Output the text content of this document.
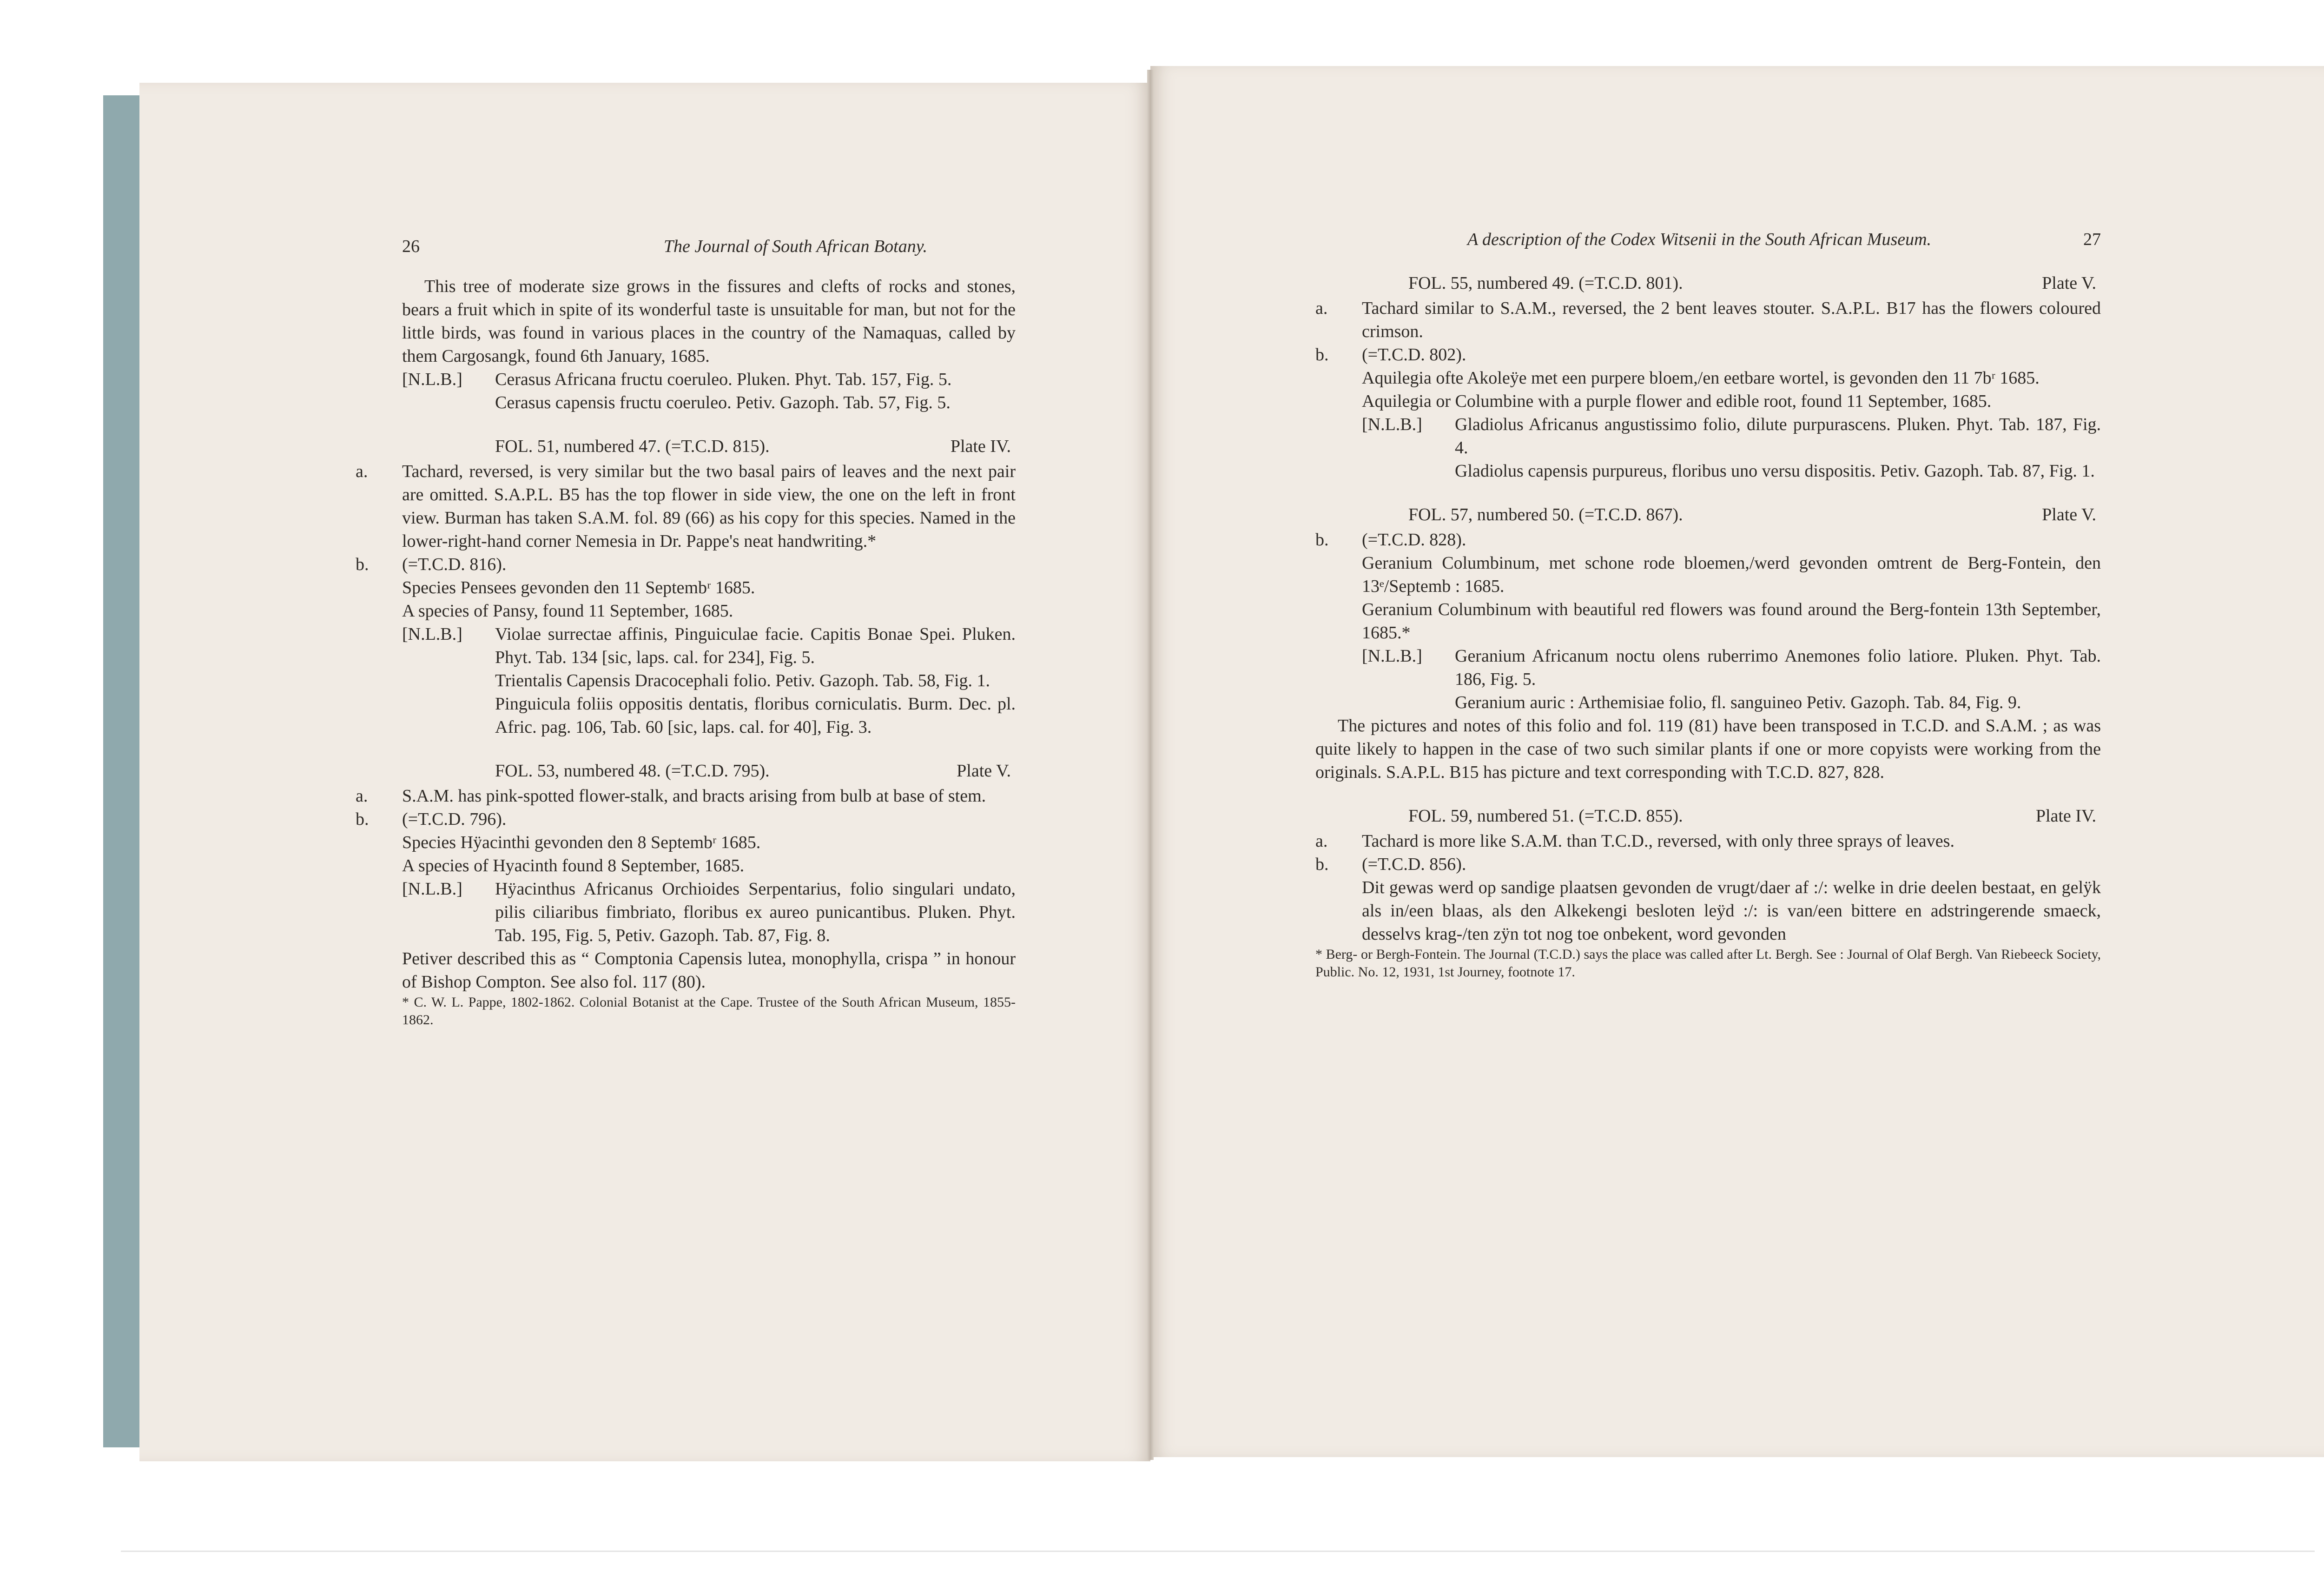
26	The Journal of South African Botany.

This tree of moderate size grows in the fissures and clefts of rocks and stones, bears a fruit which in spite of its wonderful taste is unsuitable for man, but not for the little birds, was found in various places in the country of the Namaquas, called by them Cargosangk, found 6th January, 1685.

[N.L.B.]	Cerasus Africana fructu coeruleo. Pluken. Phyt. Tab. 157, Fig. 5.

Cerasus capensis fructu coeruleo. Petiv. Gazoph. Tab. 57, Fig. 5.

FOL. 51, numbered 47. (=T.C.D. 815).	Plate IV.
a.	Tachard, reversed, is very similar but the two basal pairs of leaves and the next pair are omitted. S.A.P.L. B5 has the top flower in side view, the one on the left in front view. Burman has taken S.A.M. fol. 89 (66) as his copy for this species. Named in the lower-right-hand corner Nemesia in Dr. Pappe's neat handwriting.*

b.	(=T.C.D. 816).

Species Pensees gevonden den 11 Septembʳ 1685.

A species of Pansy, found 11 September, 1685.

[N.L.B.]	Violae surrectae affinis, Pinguiculae facie. Capitis Bonae Spei. Pluken. Phyt. Tab. 134 [sic, laps. cal. for 234], Fig. 5.

Trientalis Capensis Dracocephali folio. Petiv. Gazoph. Tab. 58, Fig. 1.

Pinguicula foliis oppositis dentatis, floribus corniculatis. Burm. Dec. pl. Afric. pag. 106, Tab. 60 [sic, laps. cal. for 40], Fig. 3.

FOL. 53, numbered 48. (=T.C.D. 795).	Plate V.
a.	S.A.M. has pink-spotted flower-stalk, and bracts arising from bulb at base of stem.

b.	(=T.C.D. 796).

Species Hÿacinthi gevonden den 8 Septembʳ 1685.

A species of Hyacinth found 8 September, 1685.

[N.L.B.]	Hÿacinthus Africanus Orchioides Serpentarius, folio singulari undato, pilis ciliaribus fimbriato, floribus ex aureo punicantibus. Pluken. Phyt. Tab. 195, Fig. 5, Petiv. Gazoph. Tab. 87, Fig. 8.

Petiver described this as “ Comptonia Capensis lutea, monophylla, crispa ” in honour of Bishop Compton. See also fol. 117 (80).

* C. W. L. Pappe, 1802-1862. Colonial Botanist at the Cape. Trustee of the South African Museum, 1855-1862.

A description of the Codex Witsenii in the South African Museum.	27
FOL. 55, numbered 49. (=T.C.D. 801).	Plate V.
a.	Tachard similar to S.A.M., reversed, the 2 bent leaves stouter. S.A.P.L. B17 has the flowers coloured crimson.

b.	(=T.C.D. 802).

Aquilegia ofte Akoleÿe met een purpere bloem,/en eetbare wortel, is gevonden den 11 7bʳ 1685.

Aquilegia or Columbine with a purple flower and edible root, found 11 September, 1685.

[N.L.B.]	Gladiolus Africanus angustissimo folio, dilute purpurascens. Pluken. Phyt. Tab. 187, Fig. 4.

Gladiolus capensis purpureus, floribus uno versu dispositis. Petiv. Gazoph. Tab. 87, Fig. 1.

FOL. 57, numbered 50. (=T.C.D. 867).	Plate V.
b.	(=T.C.D. 828).

Geranium Columbinum, met schone rode bloemen,/werd gevonden omtrent de Berg-Fontein, den 13ᵉ/Septemb : 1685.

Geranium Columbinum with beautiful red flowers was found around the Berg-fontein 13th September, 1685.*

[N.L.B.]	Geranium Africanum noctu olens ruberrimo Anemones folio latiore. Pluken. Phyt. Tab. 186, Fig. 5.

Geranium auric : Arthemisiae folio, fl. sanguineo Petiv. Gazoph. Tab. 84, Fig. 9.

The pictures and notes of this folio and fol. 119 (81) have been transposed in T.C.D. and S.A.M. ; as was quite likely to happen in the case of two such similar plants if one or more copyists were working from the originals. S.A.P.L. B15 has picture and text corresponding with T.C.D. 827, 828.

FOL. 59, numbered 51. (=T.C.D. 855).	Plate IV.
a.	Tachard is more like S.A.M. than T.C.D., reversed, with only three sprays of leaves.

b.	(=T.C.D. 856).

Dit gewas werd op sandige plaatsen gevonden de vrugt/daer af :/: welke in drie deelen bestaat, en gelÿk als in/een blaas, als den Alkekengi besloten leÿd :/: is van/een bittere en adstringerende smaeck, desselvs krag-/ten zÿn tot nog toe onbekent, word gevonden

* Berg- or Bergh-Fontein. The Journal (T.C.D.) says the place was called after Lt. Bergh. See : Journal of Olaf Bergh. Van Riebeeck Society, Public. No. 12, 1931, 1st Journey, footnote 17.
